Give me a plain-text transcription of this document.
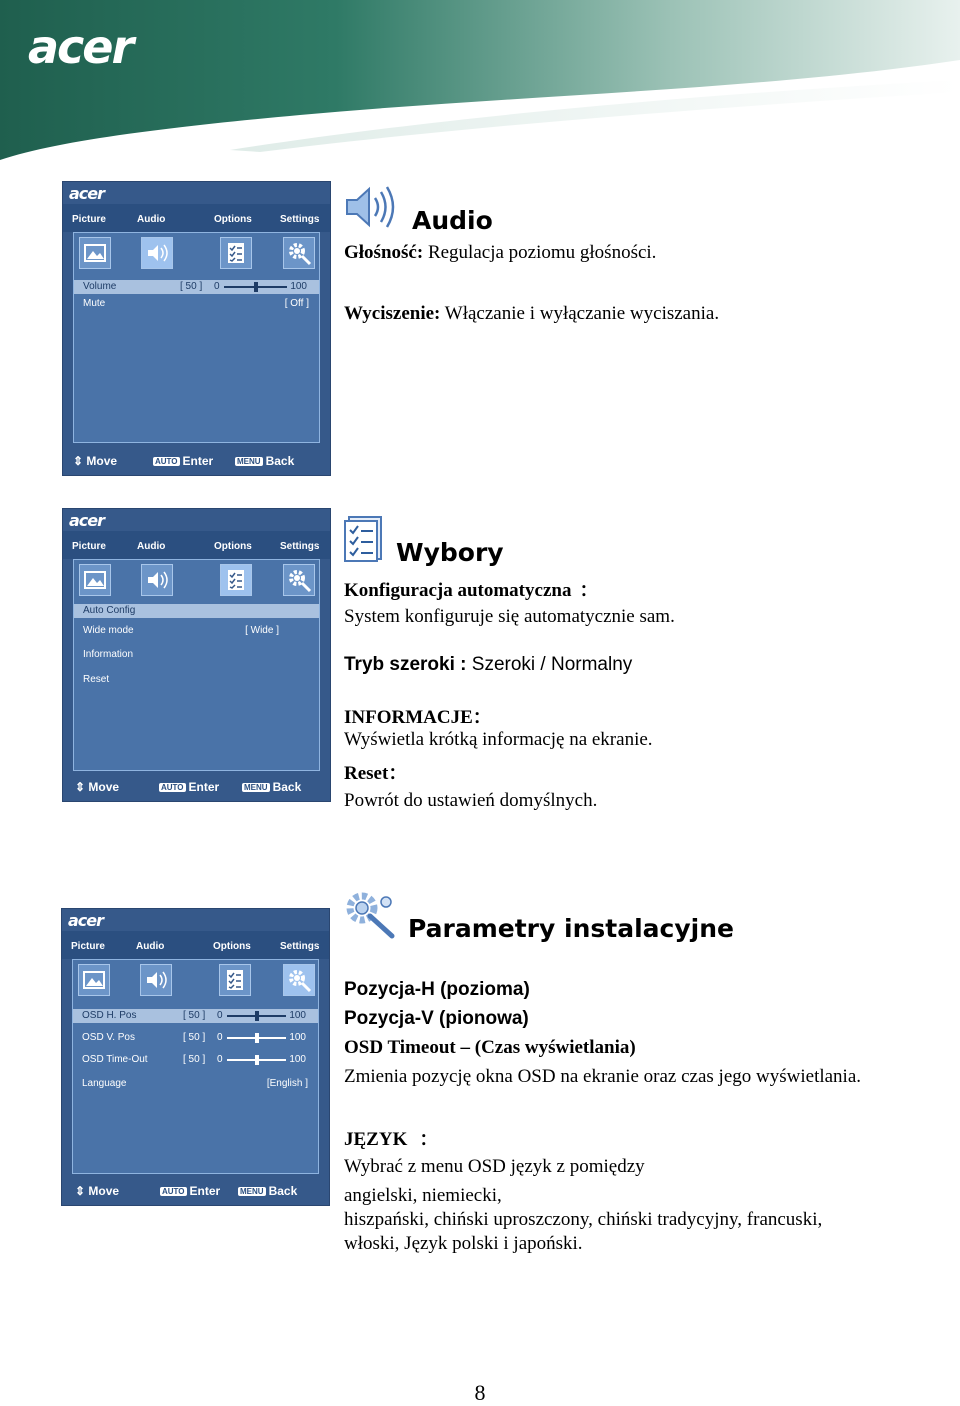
acer
acer
Picture	Audio	Options	Settings
Volume	[ 50 ] 0	100
Mute	[ Off ]
⇕ Move	AUTO Enter	MENU Back
acer
Picture	Audio	Options	Settings
Auto Config
Wide mode	[ Wide ]
Information
Reset
⇕ Move	AUTO Enter	MENU Back
acer
Picture	Audio	Options	Settings
OSD H. Pos	[ 50 ] 0	100
OSD V. Pos	[ 50 ] 0	100
OSD Time-Out	[ 50 ] 0	100
Language	[English ]
⇕ Move	AUTO Enter MENU Back
Audio
Głośność: Regulacja poziomu głośności.
Wyciszenie: Włączanie i wyłączanie wyciszania.
Wybory
Konfiguracja automatyczna ：
System konfiguruje się automatycznie sam.
Tryb szeroki : Szeroki / Normalny
INFORMACJE：
Wyświetla krótką informację na ekranie.
Reset：
Powrót do ustawień domyślnych.
Parametry instalacyjne
Pozycja-H (pozioma)
Pozycja-V (pionowa)
OSD Timeout – (Czas wyświetlania)
Zmienia pozycję okna OSD na ekranie oraz czas jego wyświetlania.
JĘZYK ：
Wybrać z menu OSD język z pomiędzy
angielski, niemiecki,
hiszpański, chiński uproszczony, chiński tradycyjny, francuski,
włoski, Język polski i japoński.
8
